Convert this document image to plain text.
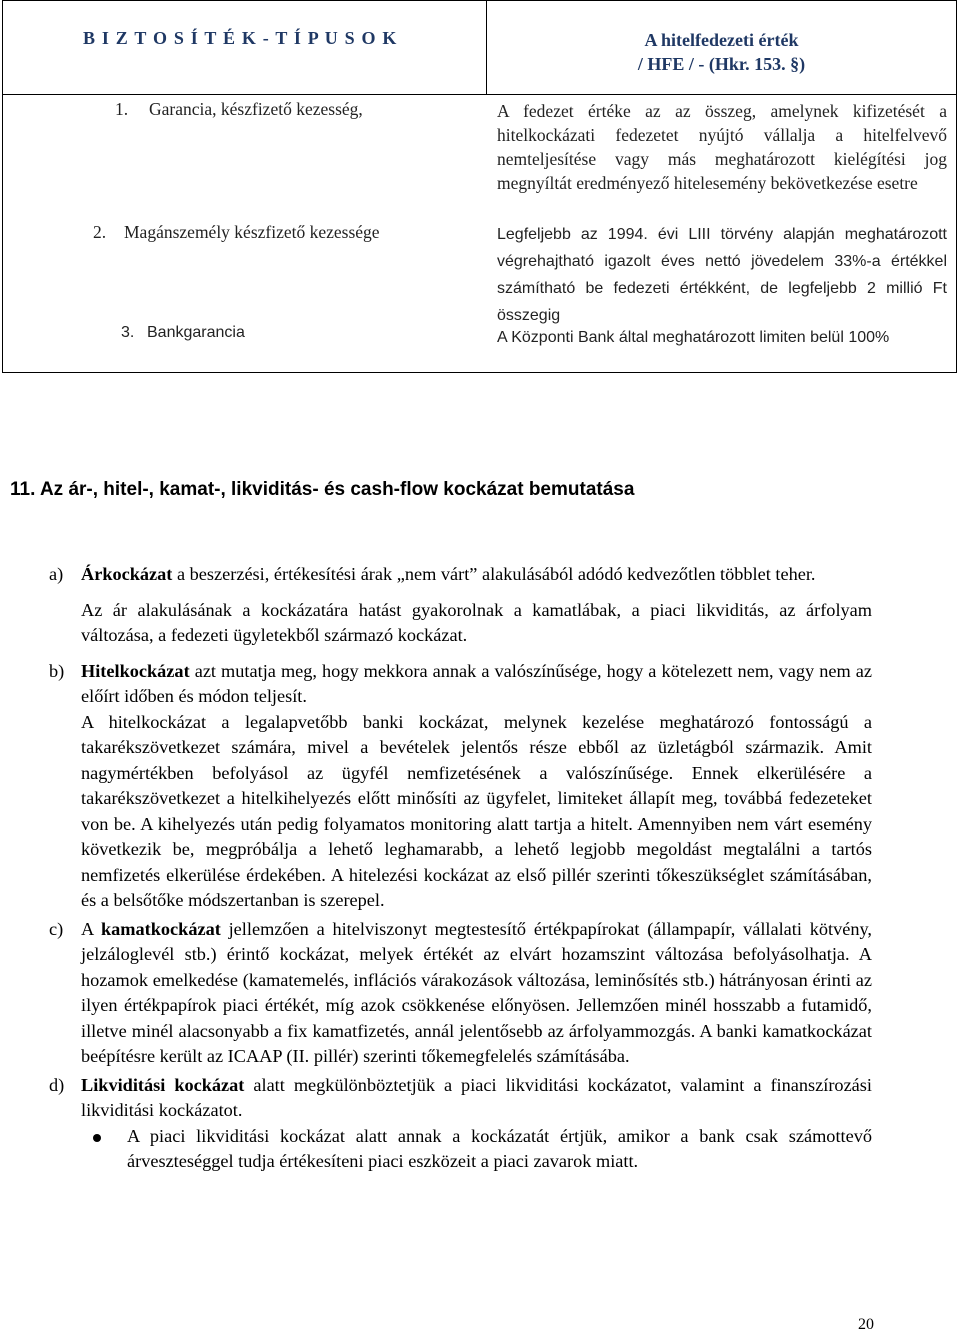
B I Z T O S Í T É K - T Í P U S O K	A hitelfedezeti érték
/ HFE / - (Hkr. 153. §)
1. Garancia, készfizető kezesség,	A fedezet értéke az az összeg, amelynek kifizetését a hitelkockázati fedezetet nyújtó vállalja a hitelfelvevő nemteljesítése vagy más meghatározott kielégítési jog megnyíltát eredményező hitelesemény bekövetkezése esetre
2. Magánszemély készfizető kezessége	Legfeljebb az 1994. évi LIII törvény alapján meghatározott végrehajtható igazolt éves nettó jövedelem 33%-a értékkel számítható be fedezeti értékként, de legfeljebb 2 millió Ft összegig
3. Bankgarancia	A Központi Bank által meghatározott limiten belül 100%
11. Az ár-, hitel-, kamat-, likviditás- és cash-flow kockázat bemutatása
a) Árkockázat a beszerzési, értékesítési árak „nem várt” alakulásából adódó kedvezőtlen többlet teher.
Az ár alakulásának a kockázatára hatást gyakorolnak a kamatlábak, a piaci likviditás, az árfolyam változása, a fedezeti ügyletekből származó kockázat.
b) Hitelkockázat azt mutatja meg, hogy mekkora annak a valószínűsége, hogy a kötelezett nem, vagy nem az előírt időben és módon teljesít.
A hitelkockázat a legalapvetőbb banki kockázat, melynek kezelése meghatározó fontosságú a takarékszövetkezet számára, mivel a bevételek jelentős része ebből az üzletágból származik. Amit nagymértékben befolyásol az ügyfél nemfizetésének a valószínűsége. Ennek elkerülésére a takarékszövetkezet a hitelkihelyezés előtt minősíti az ügyfelet, limiteket állapít meg, továbbá fedezeteket von be. A kihelyezés után pedig folyamatos monitoring alatt tartja a hitelt. Amennyiben nem várt esemény következik be, megpróbálja a lehető leghamarabb, a lehető legjobb megoldást megtalálni a tartós nemfizetés elkerülése érdekében. A hitelezési kockázat az első pillér szerinti tőkeszükséglet számításában, és a belsőtőke módszertanban is szerepel.
c) A kamatkockázat jellemzően a hitelviszonyt megtestesítő értékpapírokat (állampapír, vállalati kötvény, jelzáloglevél stb.) érintő kockázat, melyek értékét az elvárt hozamszint változása befolyásolhatja. A hozamok emelkedése (kamatemelés, inflációs várakozások változása, leminősítés stb.) hátrányosan érinti az ilyen értékpapírok piaci értékét, míg azok csökkenése előnyösen. Jellemzően minél hosszabb a futamidő, illetve minél alacsonyabb a fix kamatfizetés, annál jelentősebb az árfolyammozgás. A banki kamatkockázat beépítésre került az ICAAP (II. pillér) szerinti tőkemegfelelés számításába.
d) Likviditási kockázat alatt megkülönböztetjük a piaci likviditási kockázatot, valamint a finanszírozási likviditási kockázatot.
A piaci likviditási kockázat alatt annak a kockázatát értjük, amikor a bank csak számottevő árveszteséggel tudja értékesíteni piaci eszközeit a piaci zavarok miatt.
20
